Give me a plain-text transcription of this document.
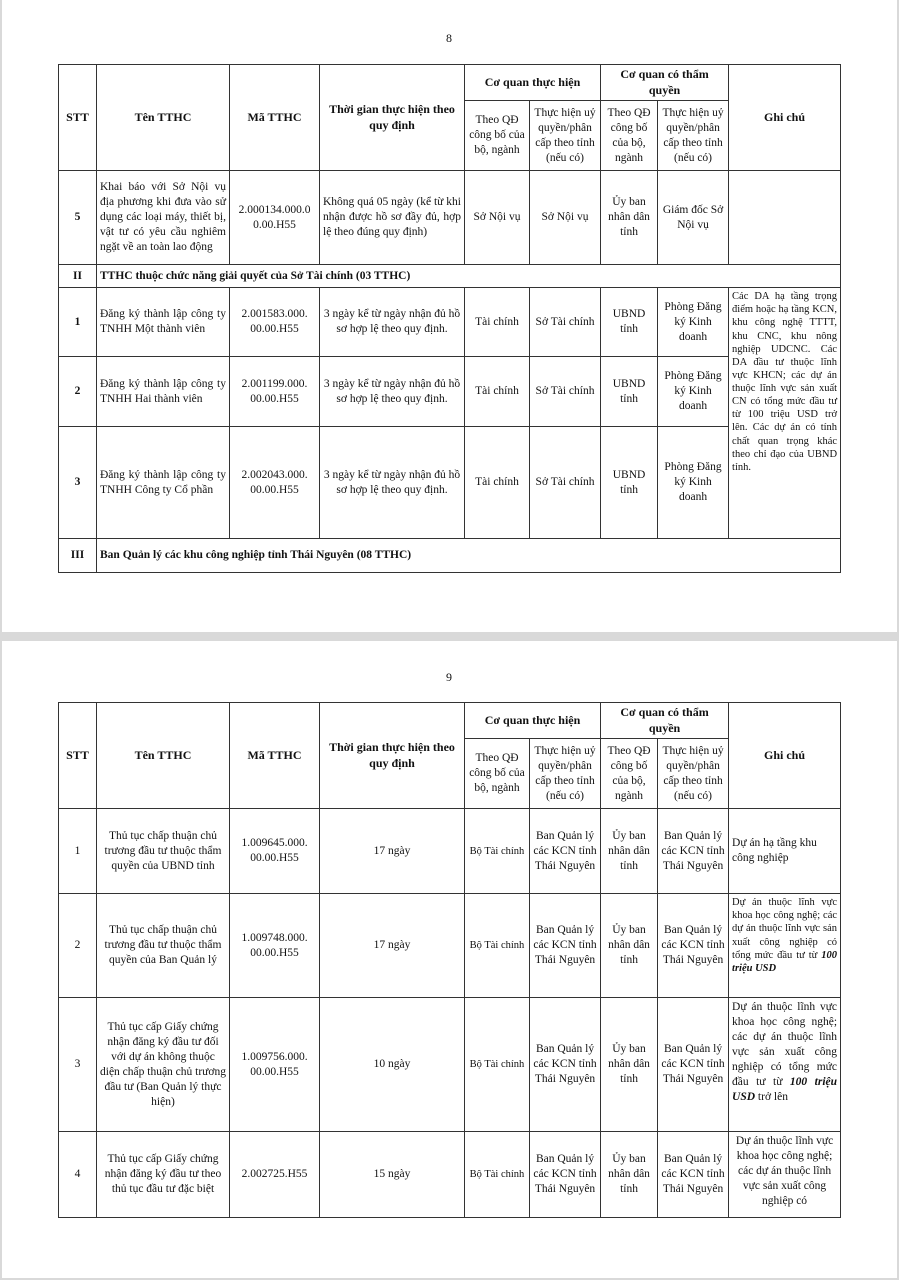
8
STT	Tên TTHC	Mã TTHC	Thời gian thực hiện theo quy định	Cơ quan thực hiện		Cơ quan có thẩm quyền		Ghi chú
				Theo QĐ công bố của bộ, ngành	Thực hiện uỷ quyền/phân cấp theo tỉnh (nếu có)	Theo QĐ công bố của bộ, ngành	Thực hiện uỷ quyền/phân cấp theo tỉnh (nếu có)	
5	Khai báo với Sở Nội vụ địa phương khi đưa vào sử dụng các loại máy, thiết bị, vật tư có yêu cầu nghiêm ngặt về an toàn lao động	2.000134.000.0 0.00.H55	Không quá 05 ngày (kể từ khi nhận được hồ sơ đầy đủ, hợp lệ theo đúng quy định)	Sở Nội vụ	Sở Nội vụ	Ủy ban nhân dân tỉnh	Giám đốc Sở Nội vụ	
II	TTHC thuộc chức năng giải quyết của Sở Tài chính (03 TTHC)							
1	Đăng ký thành lập công ty TNHH Một thành viên	2.001583.000. 00.00.H55	3 ngày kể từ ngày nhận đủ hồ sơ hợp lệ theo quy định.	Tài chính	Sở Tài chính	UBND tỉnh	Phòng Đăng ký Kinh doanh	Các DA hạ tầng trọng điểm hoặc hạ tầng KCN, khu công nghệ TTTT, khu CNC, khu nông nghiệp UDCNC. Các DA đầu tư thuộc lĩnh vực KHCN; các dự án thuộc lĩnh vực sản xuất CN có tổng mức đầu tư từ 100 triệu USD trở lên. Các dự án có tính chất quan trọng khác theo chỉ đạo của UBND tỉnh.
2	Đăng ký thành lập công ty TNHH Hai thành viên	2.001199.000. 00.00.H55	3 ngày kể từ ngày nhận đủ hồ sơ hợp lệ theo quy định.	Tài chính	Sở Tài chính	UBND tỉnh	Phòng Đăng ký Kinh doanh	
3	Đăng ký thành lập công ty TNHH Công ty Cổ phần	2.002043.000. 00.00.H55	3 ngày kể từ ngày nhận đủ hồ sơ hợp lệ theo quy định.	Tài chính	Sở Tài chính	UBND tỉnh	Phòng Đăng ký Kinh doanh	
III	Ban Quản lý các khu công nghiệp tỉnh Thái Nguyên (08 TTHC)							
9
STT	Tên TTHC	Mã TTHC	Thời gian thực hiện theo quy định	Cơ quan thực hiện		Cơ quan có thẩm quyền		Ghi chú
				Theo QĐ công bố của bộ, ngành	Thực hiện uỷ quyền/phân cấp theo tỉnh (nếu có)	Theo QĐ công bố của bộ, ngành	Thực hiện uỷ quyền/phân cấp theo tỉnh (nếu có)	
1	Thủ tục chấp thuận chủ trương đầu tư thuộc thẩm quyền của UBND tỉnh	1.009645.000. 00.00.H55	17 ngày	Bộ Tài chính	Ban Quản lý các KCN tỉnh Thái Nguyên	Ủy ban nhân dân tỉnh	Ban Quản lý các KCN tỉnh Thái Nguyên	Dự án hạ tầng khu công nghiệp
2	Thủ tục chấp thuận chủ trương đầu tư thuộc thẩm quyền của Ban Quản lý	1.009748.000. 00.00.H55	17 ngày	Bộ Tài chính	Ban Quản lý các KCN tỉnh Thái Nguyên	Ủy ban nhân dân tỉnh	Ban Quản lý các KCN tỉnh Thái Nguyên	Dự án thuộc lĩnh vực khoa học công nghệ; các dự án thuộc lĩnh vực sản xuất công nghiệp có tổng mức đầu tư từ 100 triệu USD
3	Thủ tục cấp Giấy chứng nhận đăng ký đầu tư đối với dự án không thuộc diện chấp thuận chủ trương đầu tư (Ban Quản lý thực hiện)	1.009756.000. 00.00.H55	10 ngày	Bộ Tài chính	Ban Quản lý các KCN tỉnh Thái Nguyên	Ủy ban nhân dân tỉnh	Ban Quản lý các KCN tỉnh Thái Nguyên	Dự án thuộc lĩnh vực khoa học công nghệ; các dự án thuộc lĩnh vực sản xuất công nghiệp có tổng mức đầu tư từ 100 triệu USD trở lên
4	Thủ tục cấp Giấy chứng nhận đăng ký đầu tư theo thủ tục đầu tư đặc biệt	2.002725.H55	15 ngày	Bộ Tài chính	Ban Quản lý các KCN tỉnh Thái Nguyên	Ủy ban nhân dân tỉnh	Ban Quản lý các KCN tỉnh Thái Nguyên	Dự án thuộc lĩnh vực khoa học công nghệ; các dự án thuộc lĩnh vực sản xuất công nghiệp có
